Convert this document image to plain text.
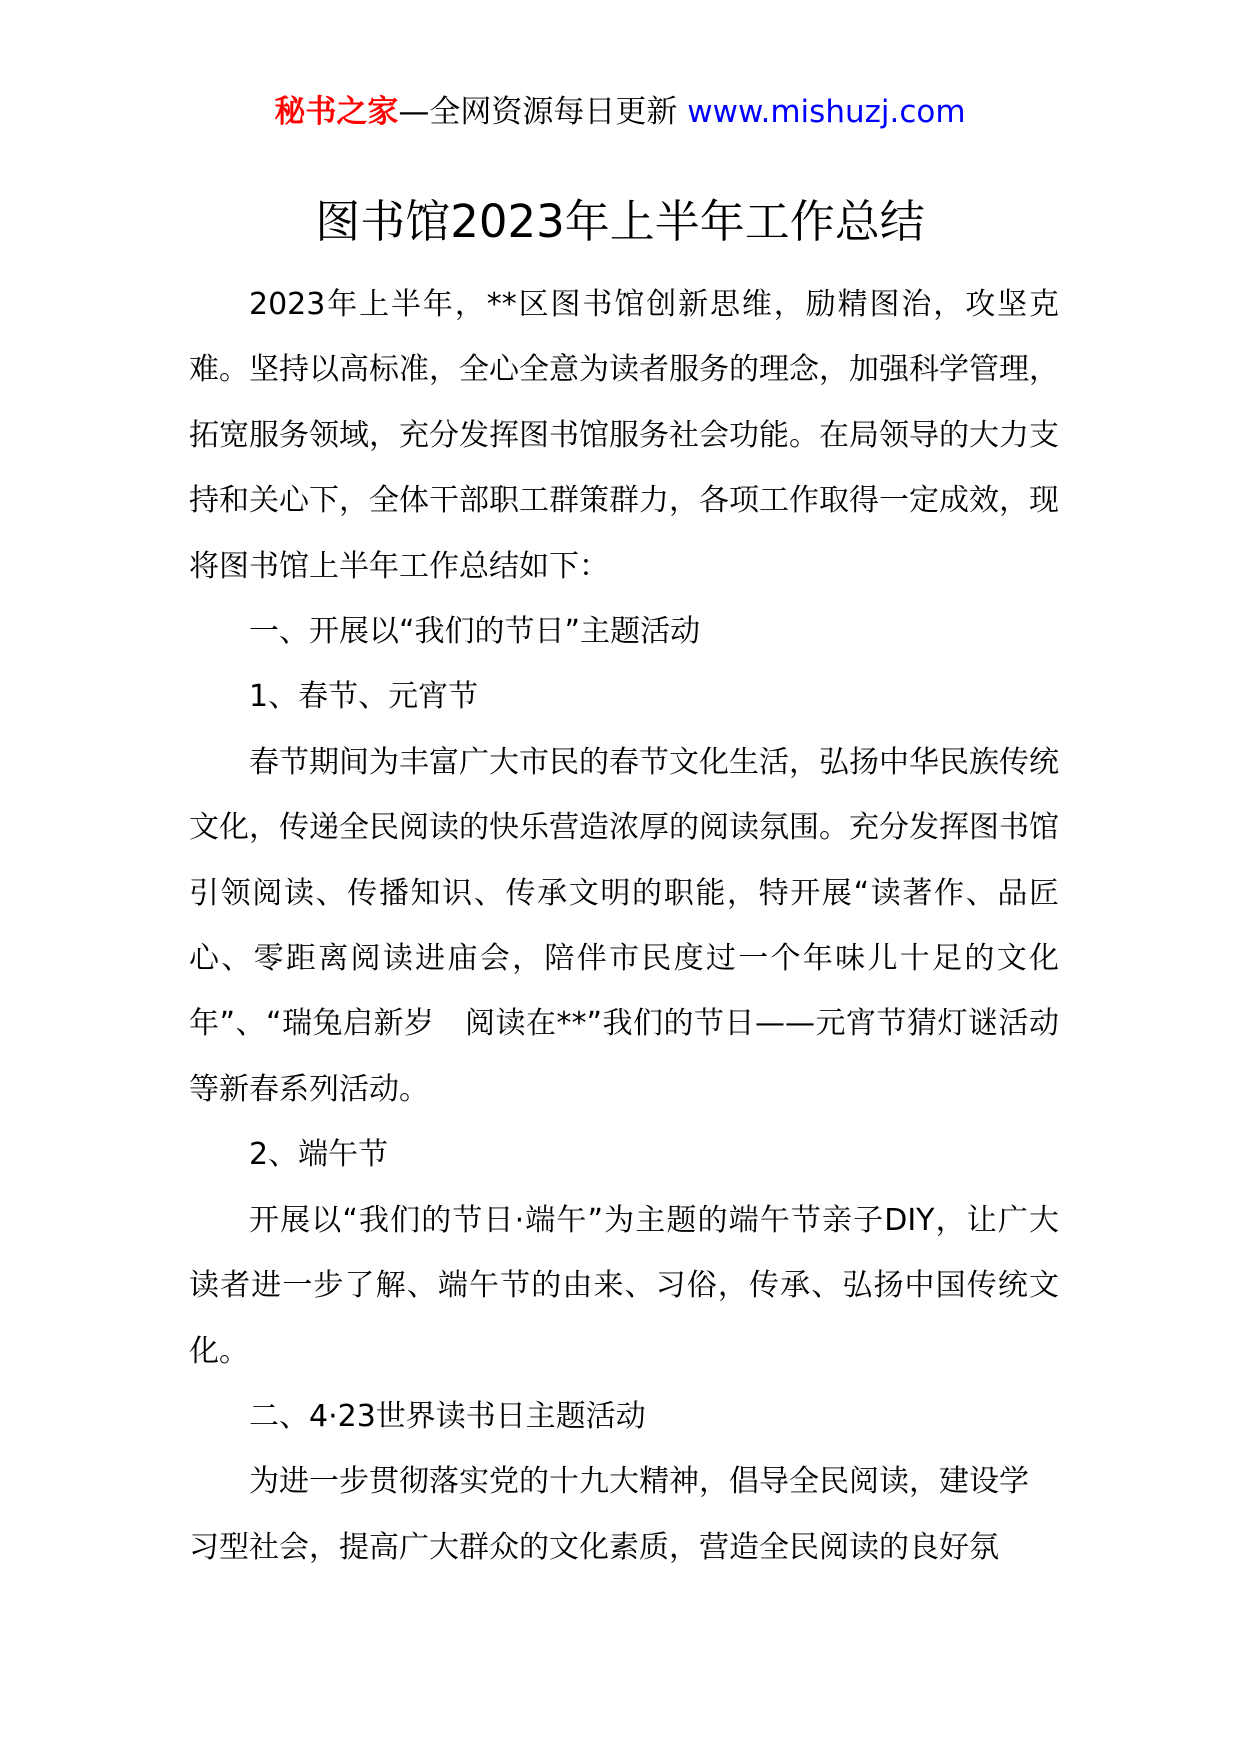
秘书之家—全网资源每日更新 www.mishuzj.com
图书馆2023年上半年工作总结

2023年上半年，**区图书馆创新思维，励精图治，攻坚克难。坚持以高标准，全心全意为读者服务的理念，加强科学管理，拓宽服务领域，充分发挥图书馆服务社会功能。在局领导的大力支持和关心下，全体干部职工群策群力，各项工作取得一定成效，现将图书馆上半年工作总结如下：

一、开展以“我们的节日”主题活动

1、春节、元宵节

春节期间为丰富广大市民的春节文化生活，弘扬中华民族传统文化，传递全民阅读的快乐营造浓厚的阅读氛围。充分发挥图书馆引领阅读、传播知识、传承文明的职能，特开展“读著作、品匠心、零距离阅读进庙会，陪伴市民度过一个年味儿十足的文化年”、“瑞兔启新岁　阅读在**”我们的节日——元宵节猜灯谜活动等新春系列活动。

2、端午节

开展以“我们的节日·端午”为主题的端午节亲子DIY，让广大读者进一步了解、端午节的由来、习俗，传承、弘扬中国传统文化。

二、4·23世界读书日主题活动

为进一步贯彻落实党的十九大精神，倡导全民阅读，建设学

习型社会，提高广大群众的文化素质，营造全民阅读的良好氛
